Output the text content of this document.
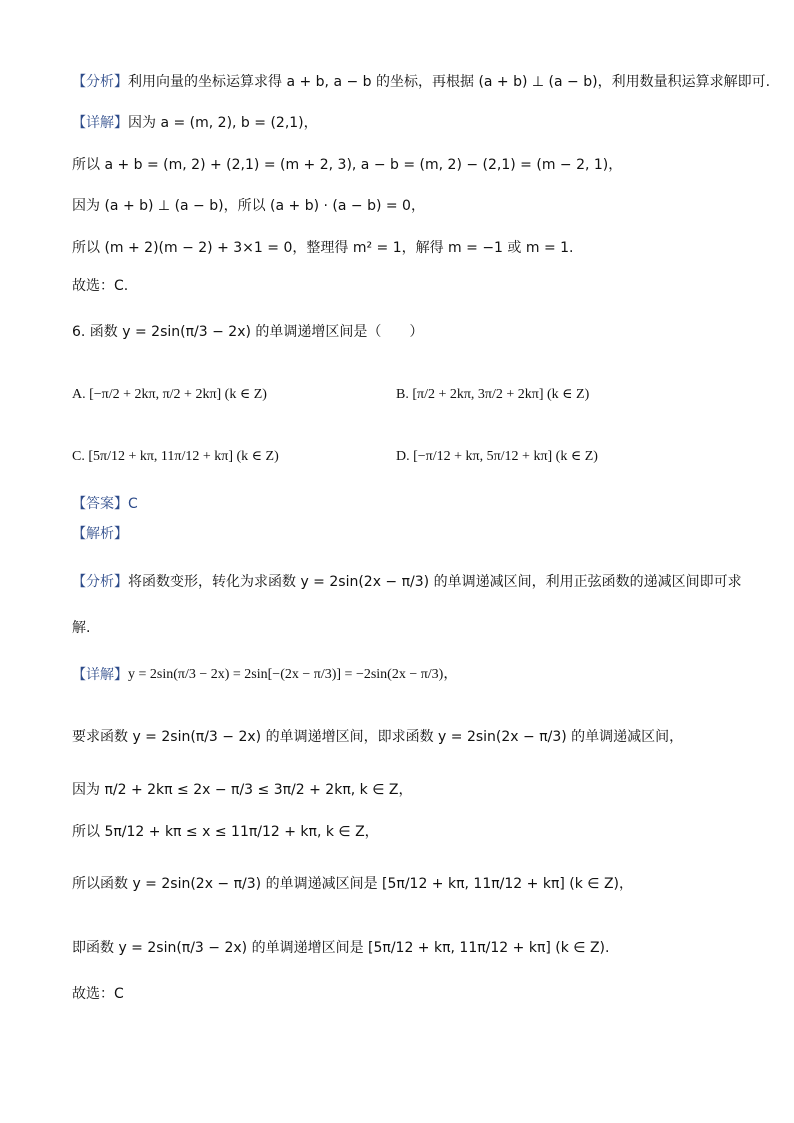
【分析】利用向量的坐标运算求得 a + b, a − b 的坐标，再根据 (a + b) ⊥ (a − b)，利用数量积运算求解即可.
【详解】因为 a = (m, 2), b = (2,1)，
所以 a + b = (m, 2) + (2,1) = (m + 2, 3), a − b = (m, 2) − (2,1) = (m − 2, 1)，
因为 (a + b) ⊥ (a − b)，所以 (a + b) · (a − b) = 0，
所以 (m + 2)(m − 2) + 3×1 = 0，整理得 m² = 1，解得 m = −1 或 m = 1.
故选：C.
6. 函数 y = 2sin(π/3 − 2x) 的单调递增区间是（　　）
A. [−π/2 + 2kπ, π/2 + 2kπ] (k ∈ Z)	B. [π/2 + 2kπ, 3π/2 + 2kπ] (k ∈ Z)
C. [5π/12 + kπ, 11π/12 + kπ] (k ∈ Z)	D. [−π/12 + kπ, 5π/12 + kπ] (k ∈ Z)
【答案】C
【解析】
【分析】将函数变形，转化为求函数 y = 2sin(2x − π/3) 的单调递减区间，利用正弦函数的递减区间即可求
解.
【详解】y = 2sin(π/3 − 2x) = 2sin[−(2x − π/3)] = −2sin(2x − π/3)，
要求函数 y = 2sin(π/3 − 2x) 的单调递增区间，即求函数 y = 2sin(2x − π/3) 的单调递减区间，
因为 π/2 + 2kπ ≤ 2x − π/3 ≤ 3π/2 + 2kπ, k ∈ Z，
所以 5π/12 + kπ ≤ x ≤ 11π/12 + kπ, k ∈ Z，
所以函数 y = 2sin(2x − π/3) 的单调递减区间是 [5π/12 + kπ, 11π/12 + kπ] (k ∈ Z)，
即函数 y = 2sin(π/3 − 2x) 的单调递增区间是 [5π/12 + kπ, 11π/12 + kπ] (k ∈ Z).
故选：C
